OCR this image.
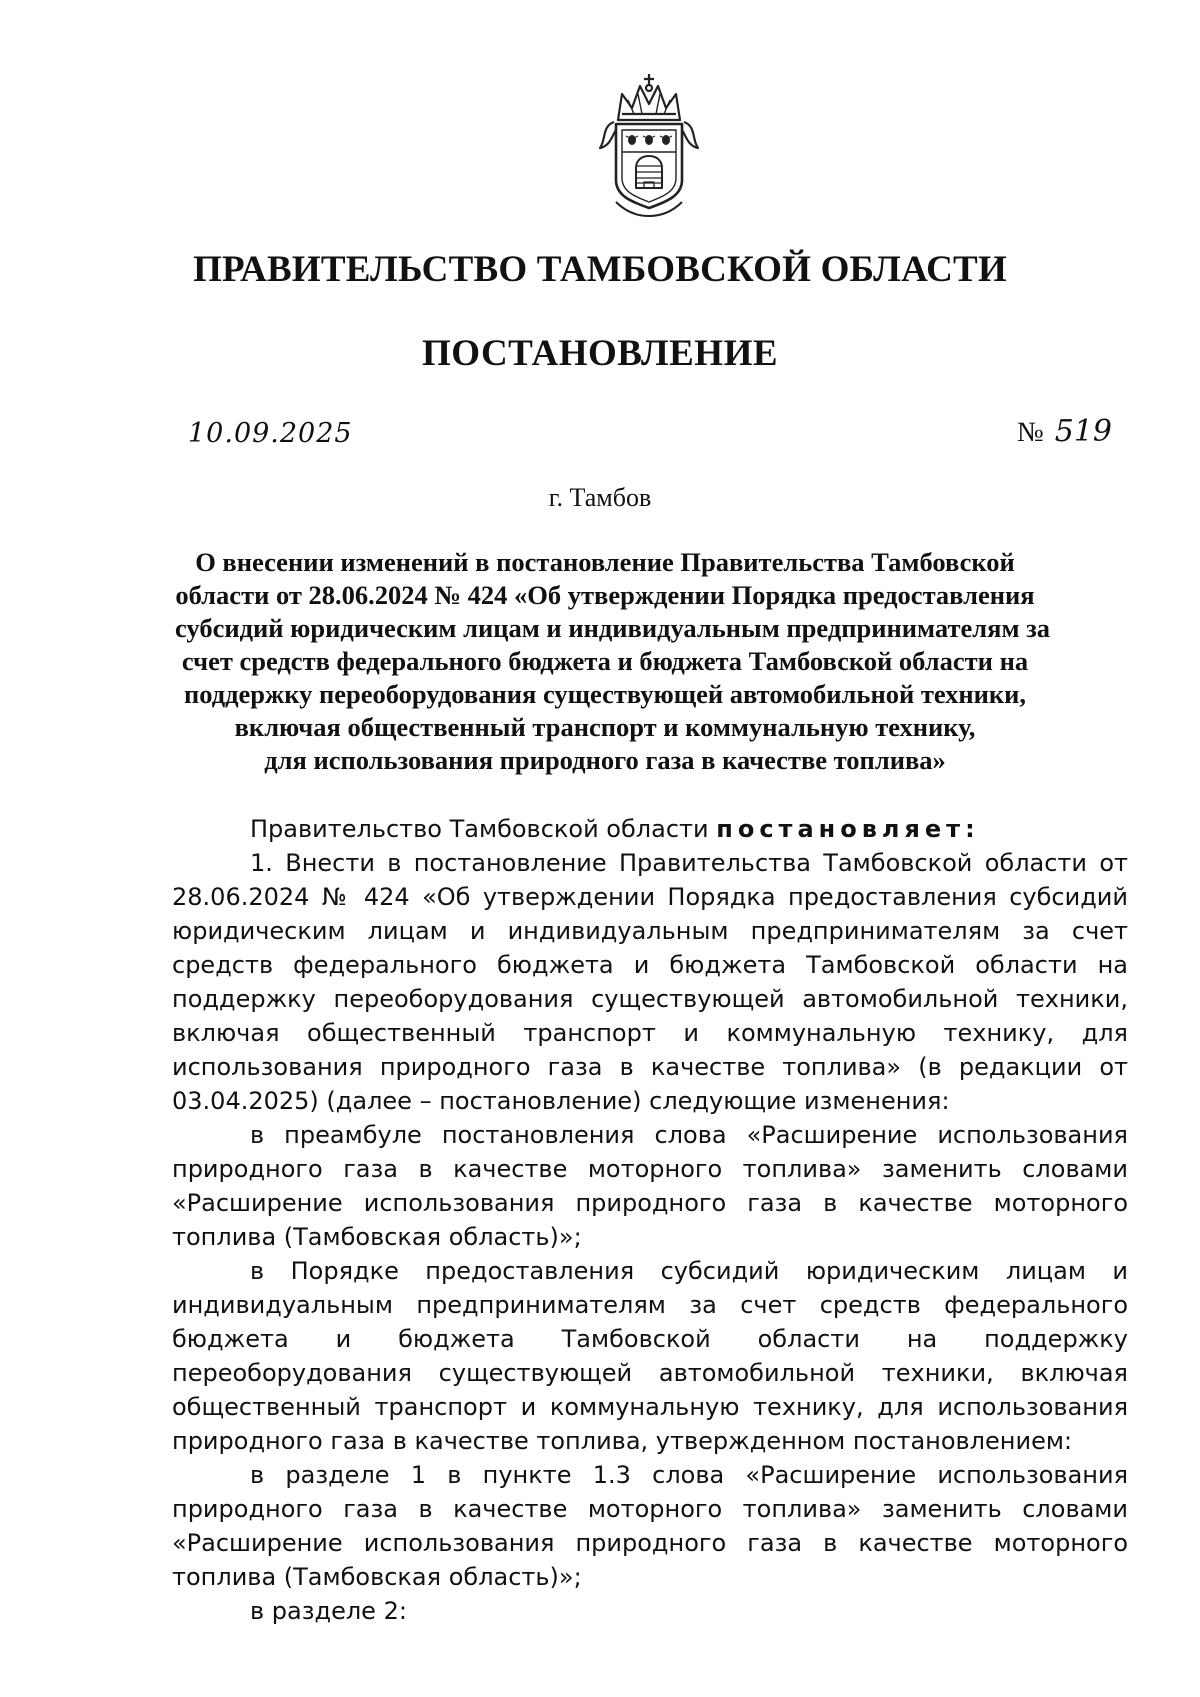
ПРАВИТЕЛЬСТВО ТАМБОВСКОЙ ОБЛАСТИ
ПОСТАНОВЛЕНИЕ
10.09.2025	№ 519
г. Тамбов
О внесении изменений в постановление Правительства Тамбовской
области от 28.06.2024 № 424 «Об утверждении Порядка предоставления
субсидий юридическим лицам и индивидуальным предпринимателям за
счет средств федерального бюджета и бюджета Тамбовской области на
поддержку переоборудования существующей автомобильной техники,
включая общественный транспорт и коммунальную технику,
для использования природного газа в качестве топлива»

Правительство Тамбовской области постановляет:

1. Внести в постановление Правительства Тамбовской области от 28.06.2024 № 424 «Об утверждении Порядка предоставления субсидий юридическим лицам и индивидуальным предпринимателям за счет средств федерального бюджета и бюджета Тамбовской области на поддержку переоборудования существующей автомобильной техники, включая общественный транспорт и коммунальную технику, для использования природного газа в качестве топлива» (в редакции от 03.04.2025) (далее – постановление) следующие изменения:

в преамбуле постановления слова «Расширение использования природного газа в качестве моторного топлива» заменить словами «Расширение использования природного газа в качестве моторного топлива (Тамбовская область)»;

в Порядке предоставления субсидий юридическим лицам и индивидуальным предпринимателям за счет средств федерального бюджета и бюджета Тамбовской области на поддержку переоборудования существующей автомобильной техники, включая общественный транспорт и коммунальную технику, для использования природного газа в качестве топлива, утвержденном постановлением:

в разделе 1 в пункте 1.3 слова «Расширение использования природного газа в качестве моторного топлива» заменить словами «Расширение использования природного газа в качестве моторного топлива (Тамбовская область)»;

в разделе 2:
